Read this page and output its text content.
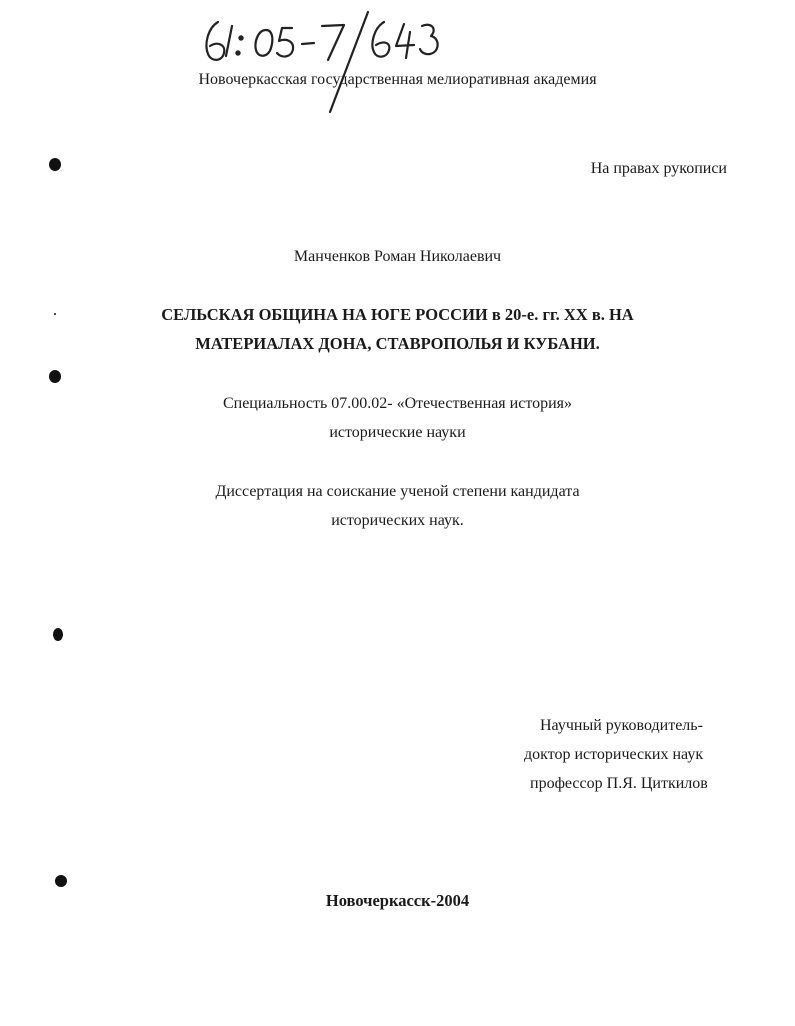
Новочеркасская государственная мелиоративная академия
На правах рукописи
Манченков Роман Николаевич
СЕЛЬСКАЯ ОБЩИНА НА ЮГЕ РОССИИ в 20-е. гг. XX в. НА
МАТЕРИАЛАХ ДОНА, СТАВРОПОЛЬЯ И КУБАНИ.
Специальность 07.00.02- «Отечественная история»
исторические науки
Диссертация на соискание ученой степени кандидата
исторических наук.
Научный руководитель-
доктор исторических наук
профессор П.Я. Циткилов
Новочеркасск-2004
